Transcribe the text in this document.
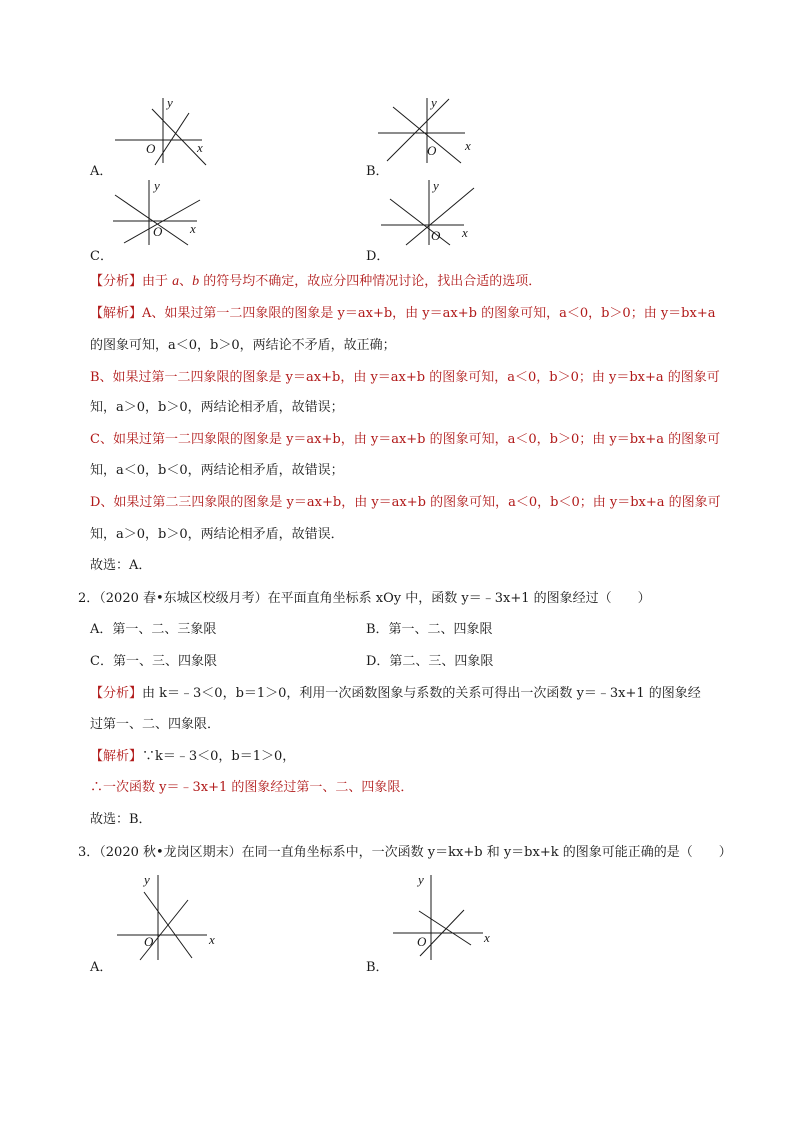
x
y
O
A．
x
y
O
B．
x
y
O
C．
x
y
O
D．
【分析】由于 a、b 的符号均不确定，故应分四种情况讨论，找出合适的选项．
【解析】A、如果过第一二四象限的图象是 y＝ax+b，由 y＝ax+b 的图象可知，a＜0，b＞0；由 y＝bx+a
的图象可知，a＜0，b＞0，两结论不矛盾，故正确；
B、如果过第一二四象限的图象是 y＝ax+b，由 y＝ax+b 的图象可知，a＜0，b＞0；由 y＝bx+a 的图象可
知，a＞0，b＞0，两结论相矛盾，故错误；
C、如果过第一二四象限的图象是 y＝ax+b，由 y＝ax+b 的图象可知，a＜0，b＞0；由 y＝bx+a 的图象可
知，a＜0，b＜0，两结论相矛盾，故错误；
D、如果过第二三四象限的图象是 y＝ax+b，由 y＝ax+b 的图象可知，a＜0，b＜0；由 y＝bx+a 的图象可
知，a＞0，b＞0，两结论相矛盾，故错误．
故选：A．
2．（2020 春•东城区校级月考）在平面直角坐标系 xOy 中，函数 y＝﹣3x+1 的图象经过（　　）
A．第一、二、三象限	B．第一、二、四象限
C．第一、三、四象限	D．第二、三、四象限
【分析】由 k＝﹣3＜0，b＝1＞0，利用一次函数图象与系数的关系可得出一次函数 y＝﹣3x+1 的图象经
过第一、二、四象限．
【解析】∵k＝﹣3＜0，b＝1＞0，
∴一次函数 y＝﹣3x+1 的图象经过第一、二、四象限．
故选：B．
3．（2020 秋•龙岗区期末）在同一直角坐标系中，一次函数 y＝kx+b 和 y＝bx+k 的图象可能正确的是（　　）
x
y
O
A．
x
y
O
B．
